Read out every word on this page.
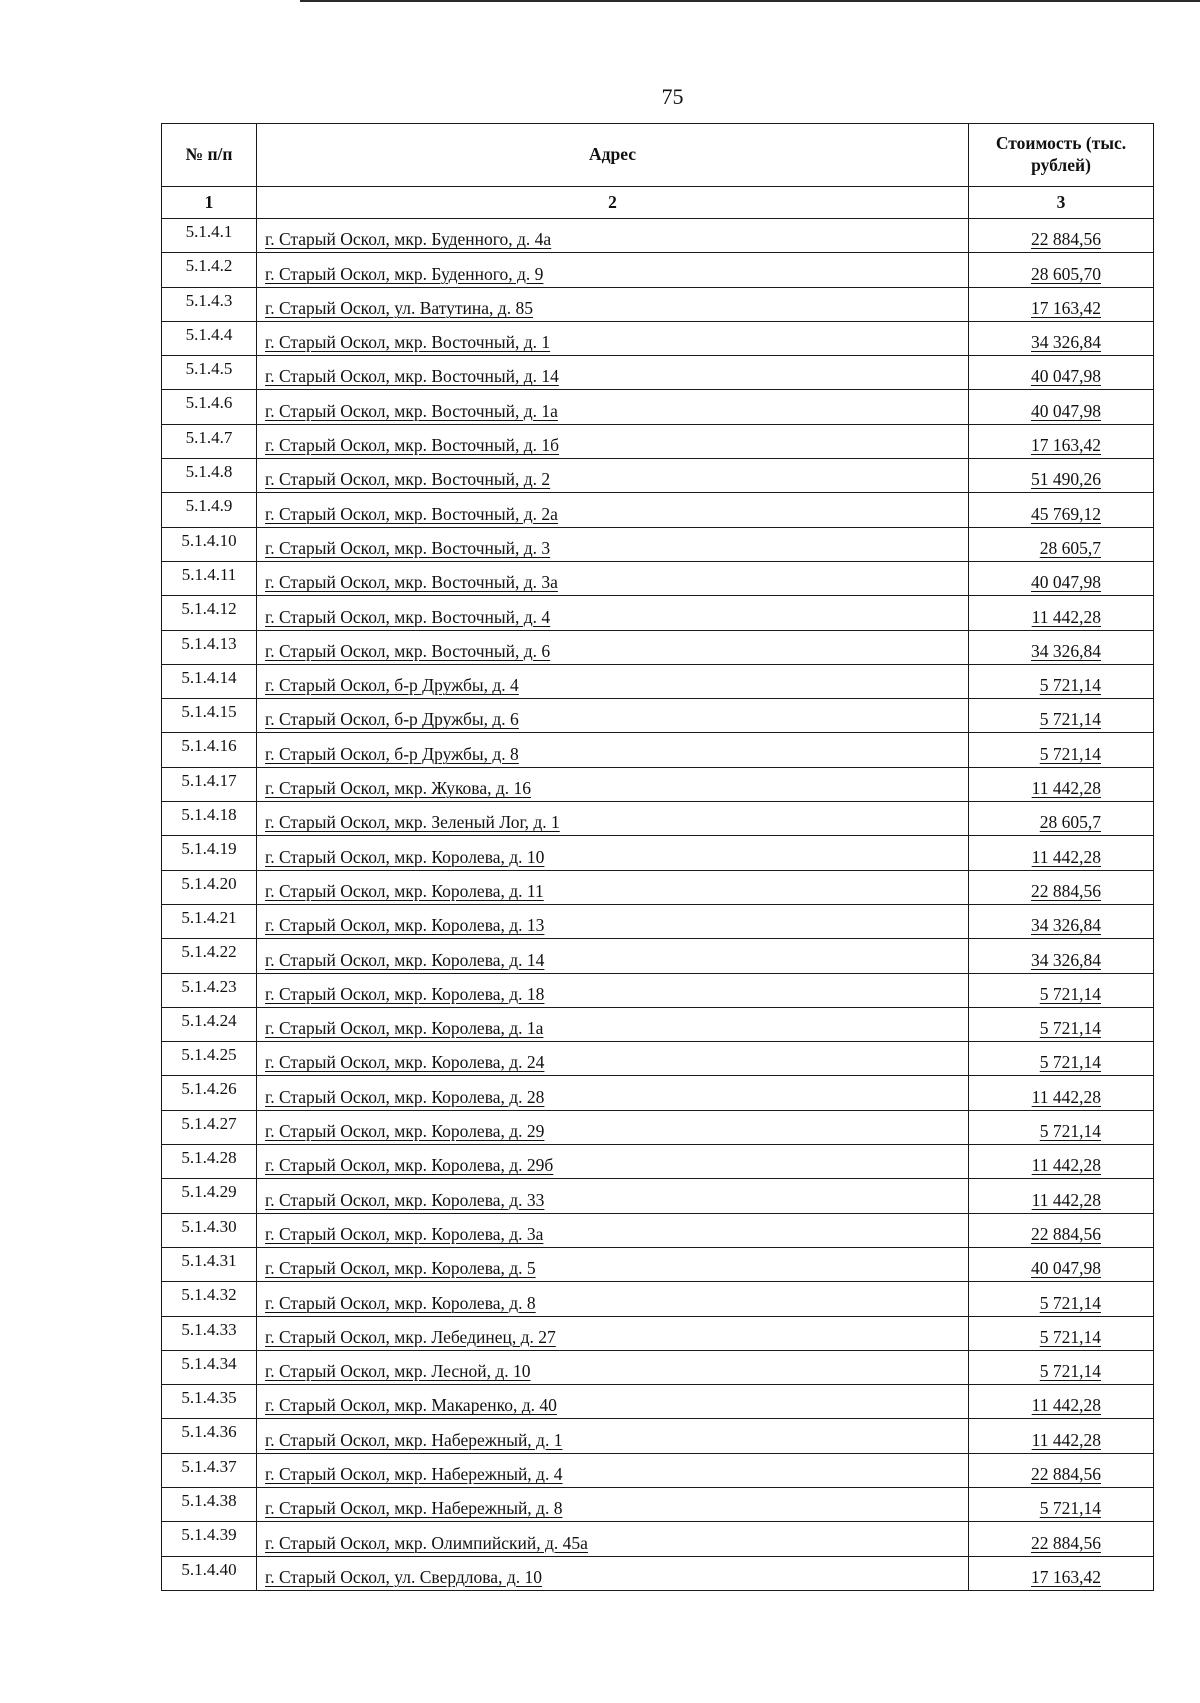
75
№ п/п	Адрес	Стоимость (тыс. рублей)
1	2	3
5.1.4.1	г. Старый Оскол, мкр. Буденного, д. 4а	22 884,56
5.1.4.2	г. Старый Оскол, мкр. Буденного, д. 9	28 605,70
5.1.4.3	г. Старый Оскол, ул. Ватутина, д. 85	17 163,42
5.1.4.4	г. Старый Оскол, мкр. Восточный, д. 1	34 326,84
5.1.4.5	г. Старый Оскол, мкр. Восточный, д. 14	40 047,98
5.1.4.6	г. Старый Оскол, мкр. Восточный, д. 1а	40 047,98
5.1.4.7	г. Старый Оскол, мкр. Восточный, д. 1б	17 163,42
5.1.4.8	г. Старый Оскол, мкр. Восточный, д. 2	51 490,26
5.1.4.9	г. Старый Оскол, мкр. Восточный, д. 2а	45 769,12
5.1.4.10	г. Старый Оскол, мкр. Восточный, д. 3	28 605,7
5.1.4.11	г. Старый Оскол, мкр. Восточный, д. 3а	40 047,98
5.1.4.12	г. Старый Оскол, мкр. Восточный, д. 4	11 442,28
5.1.4.13	г. Старый Оскол, мкр. Восточный, д. 6	34 326,84
5.1.4.14	г. Старый Оскол, б-р Дружбы, д. 4	5 721,14
5.1.4.15	г. Старый Оскол, б-р Дружбы, д. 6	5 721,14
5.1.4.16	г. Старый Оскол, б-р Дружбы, д. 8	5 721,14
5.1.4.17	г. Старый Оскол, мкр. Жукова, д. 16	11 442,28
5.1.4.18	г. Старый Оскол, мкр. Зеленый Лог, д. 1	28 605,7
5.1.4.19	г. Старый Оскол, мкр. Королева, д. 10	11 442,28
5.1.4.20	г. Старый Оскол, мкр. Королева, д. 11	22 884,56
5.1.4.21	г. Старый Оскол, мкр. Королева, д. 13	34 326,84
5.1.4.22	г. Старый Оскол, мкр. Королева, д. 14	34 326,84
5.1.4.23	г. Старый Оскол, мкр. Королева, д. 18	5 721,14
5.1.4.24	г. Старый Оскол, мкр. Королева, д. 1а	5 721,14
5.1.4.25	г. Старый Оскол, мкр. Королева, д. 24	5 721,14
5.1.4.26	г. Старый Оскол, мкр. Королева, д. 28	11 442,28
5.1.4.27	г. Старый Оскол, мкр. Королева, д. 29	5 721,14
5.1.4.28	г. Старый Оскол, мкр. Королева, д. 29б	11 442,28
5.1.4.29	г. Старый Оскол, мкр. Королева, д. 33	11 442,28
5.1.4.30	г. Старый Оскол, мкр. Королева, д. 3а	22 884,56
5.1.4.31	г. Старый Оскол, мкр. Королева, д. 5	40 047,98
5.1.4.32	г. Старый Оскол, мкр. Королева, д. 8	5 721,14
5.1.4.33	г. Старый Оскол, мкр. Лебединец, д. 27	5 721,14
5.1.4.34	г. Старый Оскол, мкр. Лесной, д. 10	5 721,14
5.1.4.35	г. Старый Оскол, мкр. Макаренко, д. 40	11 442,28
5.1.4.36	г. Старый Оскол, мкр. Набережный, д. 1	11 442,28
5.1.4.37	г. Старый Оскол, мкр. Набережный, д. 4	22 884,56
5.1.4.38	г. Старый Оскол, мкр. Набережный, д. 8	5 721,14
5.1.4.39	г. Старый Оскол, мкр. Олимпийский, д. 45а	22 884,56
5.1.4.40	г. Старый Оскол, ул. Свердлова, д. 10	17 163,42
